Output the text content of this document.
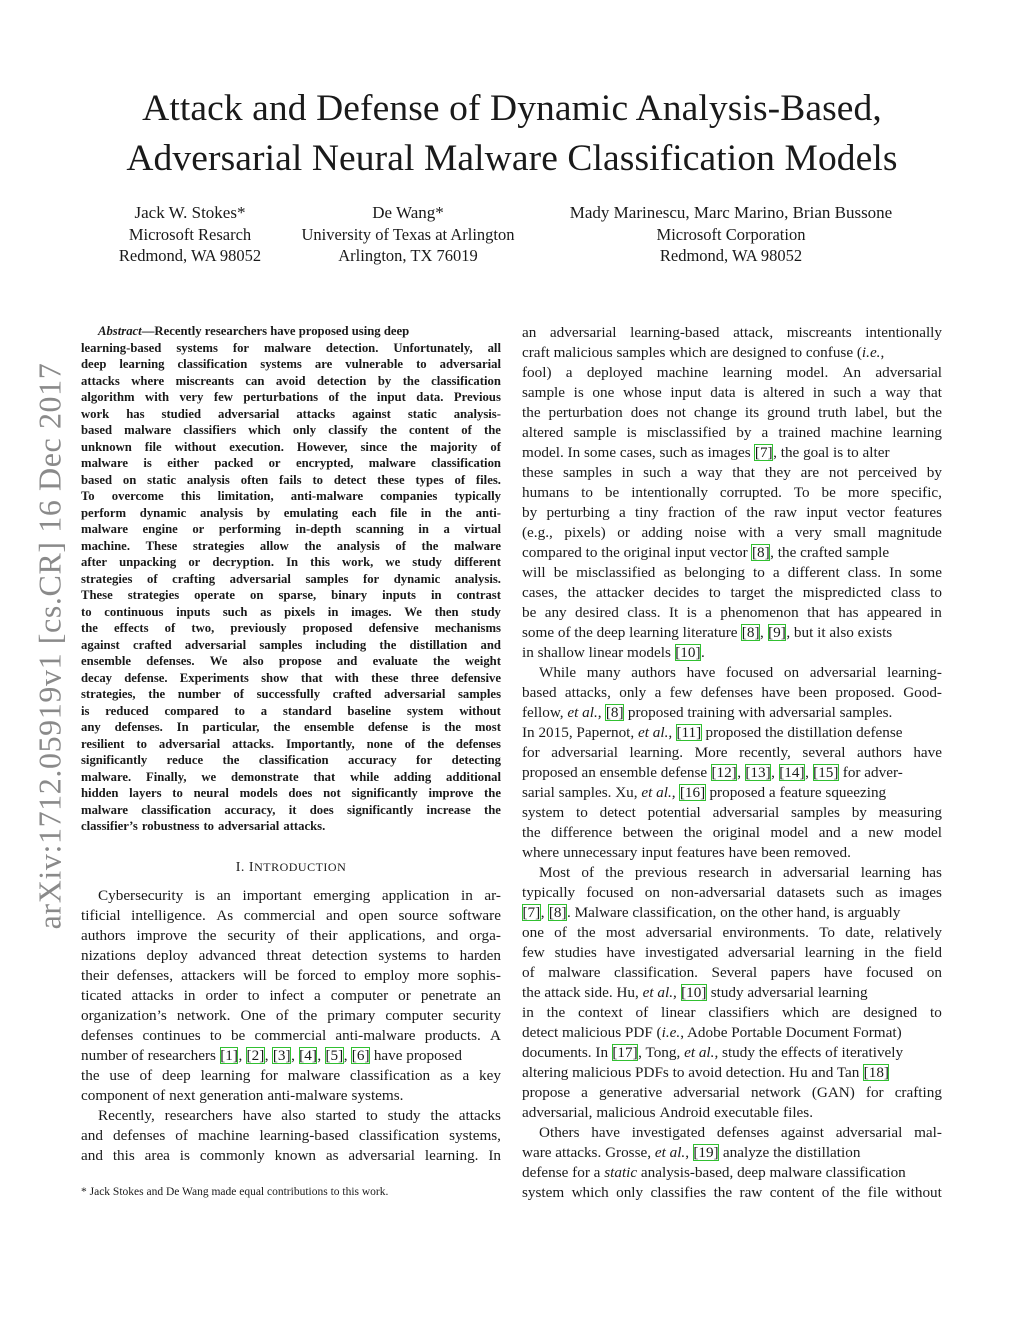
Attack and Defense of Dynamic Analysis-Based,
Adversarial Neural Malware Classification Models
Jack W. Stokes*
Microsoft Resarch
Redmond, WA 98052
De Wang*
University of Texas at Arlington
Arlington, TX 76019
Mady Marinescu, Marc Marino, Brian Bussone
Microsoft Corporation
Redmond, WA 98052
arXiv:1712.05919v1 [cs.CR] 16 Dec 2017
Abstract—Recently researchers have proposed using deep
learning-based systems for malware detection. Unfortunately, all
deep learning classification systems are vulnerable to adversarial
attacks where miscreants can avoid detection by the classification
algorithm with very few perturbations of the input data. Previous
work has studied adversarial attacks against static analysis-
based malware classifiers which only classify the content of the
unknown file without execution. However, since the majority of
malware is either packed or encrypted, malware classification
based on static analysis often fails to detect these types of files.
To overcome this limitation, anti-malware companies typically
perform dynamic analysis by emulating each file in the anti-
malware engine or performing in-depth scanning in a virtual
machine. These strategies allow the analysis of the malware
after unpacking or decryption. In this work, we study different
strategies of crafting adversarial samples for dynamic analysis.
These strategies operate on sparse, binary inputs in contrast
to continuous inputs such as pixels in images. We then study
the effects of two, previously proposed defensive mechanisms
against crafted adversarial samples including the distillation and
ensemble defenses. We also propose and evaluate the weight
decay defense. Experiments show that with these three defensive
strategies, the number of successfully crafted adversarial samples
is reduced compared to a standard baseline system without
any defenses. In particular, the ensemble defense is the most
resilient to adversarial attacks. Importantly, none of the defenses
significantly reduce the classification accuracy for detecting
malware. Finally, we demonstrate that while adding additional
hidden layers to neural models does not significantly improve the
malware classification accuracy, it does significantly increase the
classifier’s robustness to adversarial attacks.
I. INTRODUCTION
Cybersecurity is an important emerging application in ar-
tificial intelligence. As commercial and open source software
authors improve the security of their applications, and orga-
nizations deploy advanced threat detection systems to harden
their defenses, attackers will be forced to employ more sophis-
ticated attacks in order to infect a computer or penetrate an
organization’s network. One of the primary computer security
defenses continues to be commercial anti-malware products. A
number of researchers [1], [2], [3], [4], [5], [6] have proposed
the use of deep learning for malware classification as a key
component of next generation anti-malware systems.
Recently, researchers have also started to study the attacks
and defenses of machine learning-based classification systems,
and this area is commonly known as adversarial learning. In
* Jack Stokes and De Wang made equal contributions to this work.
an adversarial learning-based attack, miscreants intentionally
craft malicious samples which are designed to confuse (i.e.,
fool) a deployed machine learning model. An adversarial
sample is one whose input data is altered in such a way that
the perturbation does not change its ground truth label, but the
altered sample is misclassified by a trained machine learning
model. In some cases, such as images [7], the goal is to alter
these samples in such a way that they are not perceived by
humans to be intentionally corrupted. To be more specific,
by perturbing a tiny fraction of the raw input vector features
(e.g., pixels) or adding noise with a very small magnitude
compared to the original input vector [8], the crafted sample
will be misclassified as belonging to a different class. In some
cases, the attacker decides to target the mispredicted class to
be any desired class. It is a phenomenon that has appeared in
some of the deep learning literature [8], [9], but it also exists
in shallow linear models [10].
While many authors have focused on adversarial learning-
based attacks, only a few defenses have been proposed. Good-
fellow, et al., [8] proposed training with adversarial samples.
In 2015, Papernot, et al., [11] proposed the distillation defense
for adversarial learning. More recently, several authors have
proposed an ensemble defense [12], [13], [14], [15] for adver-
sarial samples. Xu, et al., [16] proposed a feature squeezing
system to detect potential adversarial samples by measuring
the difference between the original model and a new model
where unnecessary input features have been removed.
Most of the previous research in adversarial learning has
typically focused on non-adversarial datasets such as images
[7], [8]. Malware classification, on the other hand, is arguably
one of the most adversarial environments. To date, relatively
few studies have investigated adversarial learning in the field
of malware classification. Several papers have focused on
the attack side. Hu, et al., [10] study adversarial learning
in the context of linear classifiers which are designed to
detect malicious PDF (i.e., Adobe Portable Document Format)
documents. In [17], Tong, et al., study the effects of iteratively
altering malicious PDFs to avoid detection. Hu and Tan [18]
propose a generative adversarial network (GAN) for crafting
adversarial, malicious Android executable files.
Others have investigated defenses against adversarial mal-
ware attacks. Grosse, et al., [19] analyze the distillation
defense for a static analysis-based, deep malware classification
system which only classifies the raw content of the file without
